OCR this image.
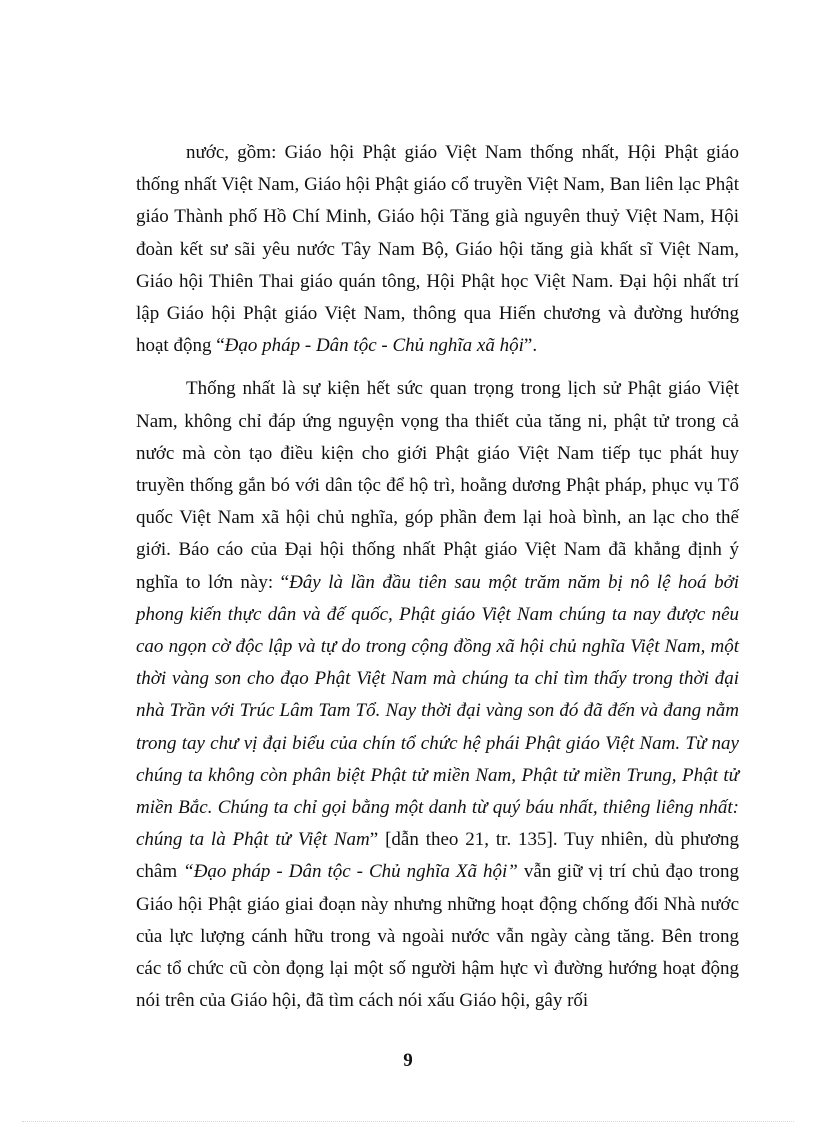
nước, gồm: Giáo hội Phật giáo Việt Nam thống nhất, Hội Phật giáo thống nhất Việt Nam, Giáo hội Phật giáo cổ truyền Việt Nam, Ban liên lạc Phật giáo Thành phố Hồ Chí Minh, Giáo hội Tăng già nguyên thuỷ Việt Nam, Hội đoàn kết sư sãi yêu nước Tây Nam Bộ, Giáo hội tăng già khất sĩ Việt Nam, Giáo hội Thiên Thai giáo quán tông, Hội Phật học Việt Nam. Đại hội nhất trí lập Giáo hội Phật giáo Việt Nam, thông qua Hiến chương và đường hướng hoạt động “Đạo pháp - Dân tộc - Chủ nghĩa xã hội”.

Thống nhất là sự kiện hết sức quan trọng trong lịch sử Phật giáo Việt Nam, không chỉ đáp ứng nguyện vọng tha thiết của tăng ni, phật tử trong cả nước mà còn tạo điều kiện cho giới Phật giáo Việt Nam tiếp tục phát huy truyền thống gắn bó với dân tộc để hộ trì, hoằng dương Phật pháp, phục vụ Tổ quốc Việt Nam xã hội chủ nghĩa, góp phần đem lại hoà bình, an lạc cho thế giới. Báo cáo của Đại hội thống nhất Phật giáo Việt Nam đã khẳng định ý nghĩa to lớn này: “Đây là lần đầu tiên sau một trăm năm bị nô lệ hoá bởi phong kiến thực dân và đế quốc, Phật giáo Việt Nam chúng ta nay được nêu cao ngọn cờ độc lập và tự do trong cộng đồng xã hội chủ nghĩa Việt Nam, một thời vàng son cho đạo Phật Việt Nam mà chúng ta chỉ tìm thấy trong thời đại nhà Trần với Trúc Lâm Tam Tổ. Nay thời đại vàng son đó đã đến và đang nằm trong tay chư vị đại biểu của chín tổ chức hệ phái Phật giáo Việt Nam. Từ nay chúng ta không còn phân biệt Phật tử miền Nam, Phật tử miền Trung, Phật tử miền Bắc. Chúng ta chỉ gọi bằng một danh từ quý báu nhất, thiêng liêng nhất: chúng ta là Phật tử Việt Nam” [dẫn theo 21, tr. 135]. Tuy nhiên, dù phương châm “Đạo pháp - Dân tộc - Chủ nghĩa Xã hội” vẫn giữ vị trí chủ đạo trong Giáo hội Phật giáo giai đoạn này nhưng những hoạt động chống đối Nhà nước của lực lượng cánh hữu trong và ngoài nước vẫn ngày càng tăng. Bên trong các tổ chức cũ còn đọng lại một số người hậm hực vì đường hướng hoạt động nói trên của Giáo hội, đã tìm cách nói xấu Giáo hội, gây rối

9
